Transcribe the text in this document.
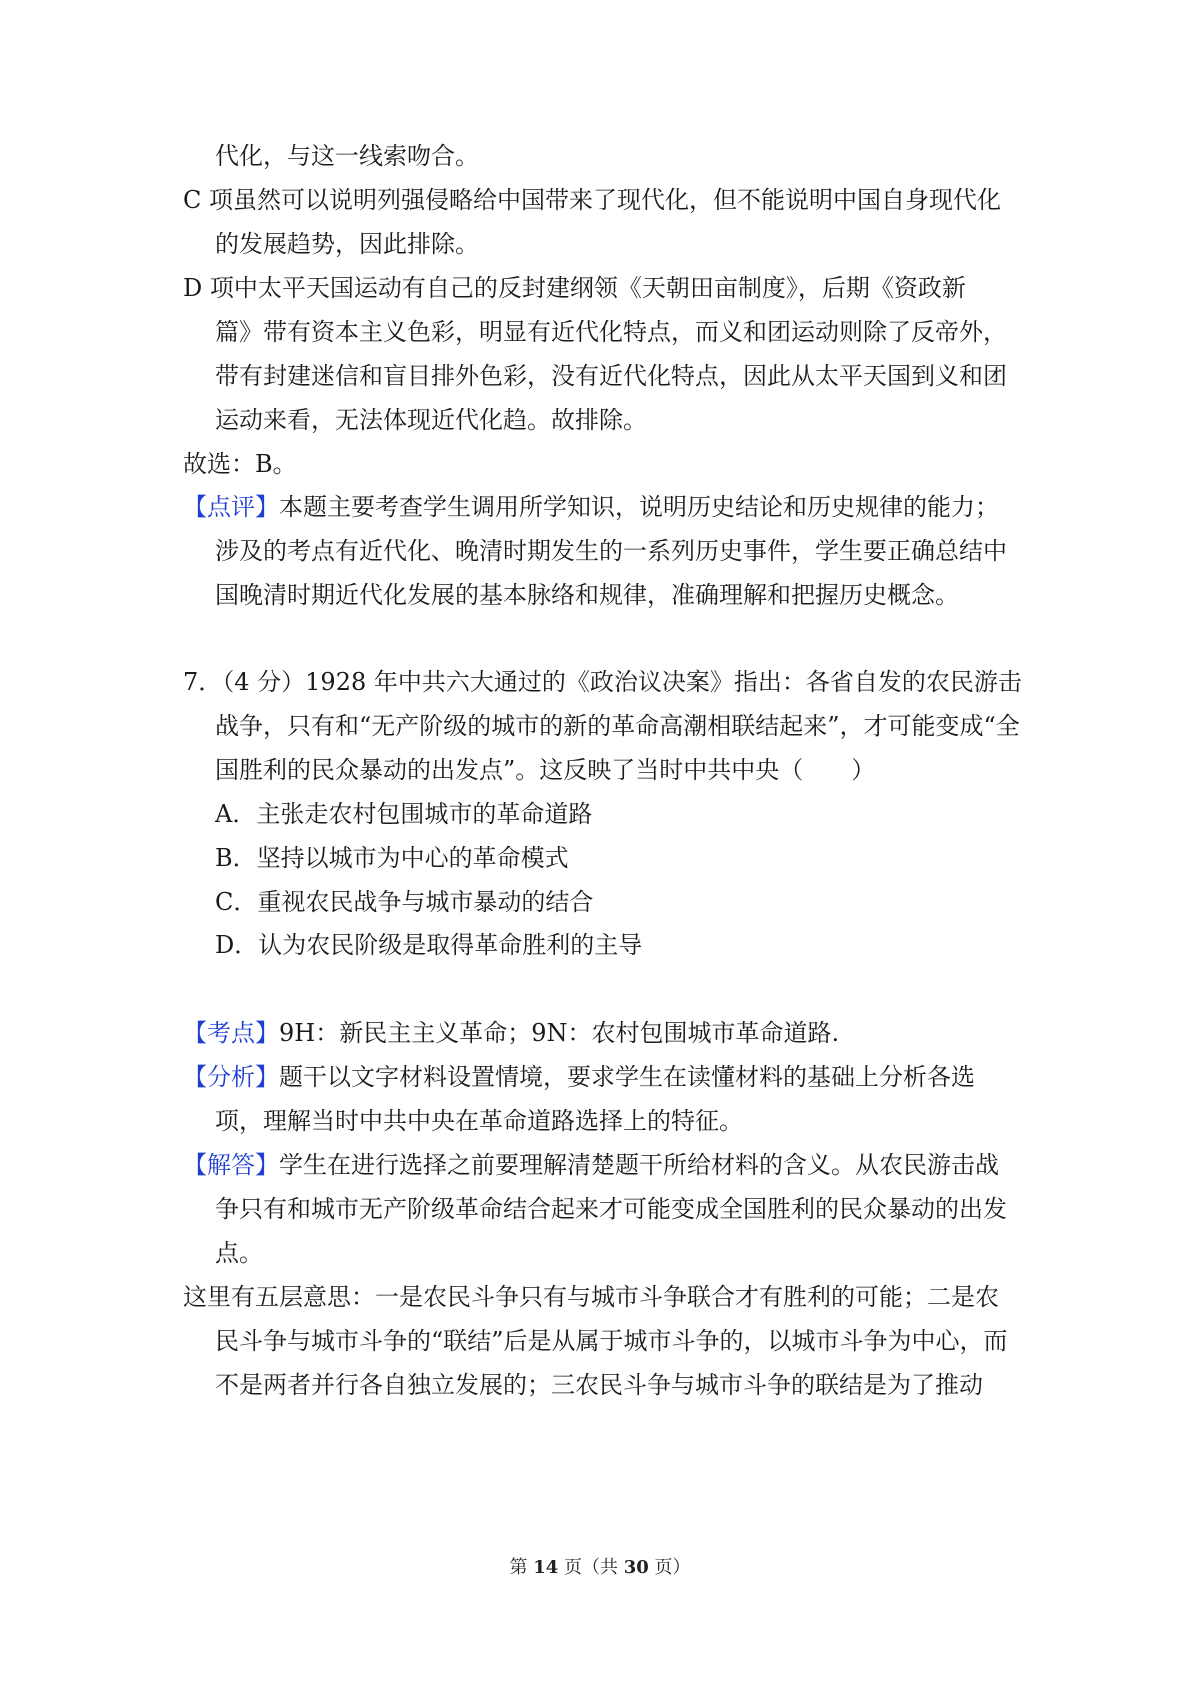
代化，与这一线索吻合。
C 项虽然可以说明列强侵略给中国带来了现代化，但不能说明中国自身现代化
的发展趋势，因此排除。
D 项中太平天国运动有自己的反封建纲领《天朝田亩制度》，后期《资政新
篇》带有资本主义色彩，明显有近代化特点，而义和团运动则除了反帝外，
带有封建迷信和盲目排外色彩，没有近代化特点，因此从太平天国到义和团
运动来看，无法体现近代化趋。故排除。
故选：B。
【点评】本题主要考查学生调用所学知识，说明历史结论和历史规律的能力；
涉及的考点有近代化、晚清时期发生的一系列历史事件，学生要正确总结中
国晚清时期近代化发展的基本脉络和规律，准确理解和把握历史概念。
7．（4 分）1928 年中共六大通过的《政治议决案》指出：各省自发的农民游击
战争，只有和“无产阶级的城市的新的革命高潮相联结起来”，才可能变成“全
国胜利的民众暴动的出发点”。这反映了当时中共中央（　　）
A．主张走农村包围城市的革命道路
B．坚持以城市为中心的革命模式
C．重视农民战争与城市暴动的结合
D．认为农民阶级是取得革命胜利的主导
【考点】9H：新民主主义革命；9N：农村包围城市革命道路.
【分析】题干以文字材料设置情境，要求学生在读懂材料的基础上分析各选
项，理解当时中共中央在革命道路选择上的特征。
【解答】学生在进行选择之前要理解清楚题干所给材料的含义。从农民游击战
争只有和城市无产阶级革命结合起来才可能变成全国胜利的民众暴动的出发
点。
这里有五层意思：一是农民斗争只有与城市斗争联合才有胜利的可能；二是农
民斗争与城市斗争的“联结”后是从属于城市斗争的，以城市斗争为中心，而
不是两者并行各自独立发展的；三农民斗争与城市斗争的联结是为了推动
第 14 页（共 30 页）
